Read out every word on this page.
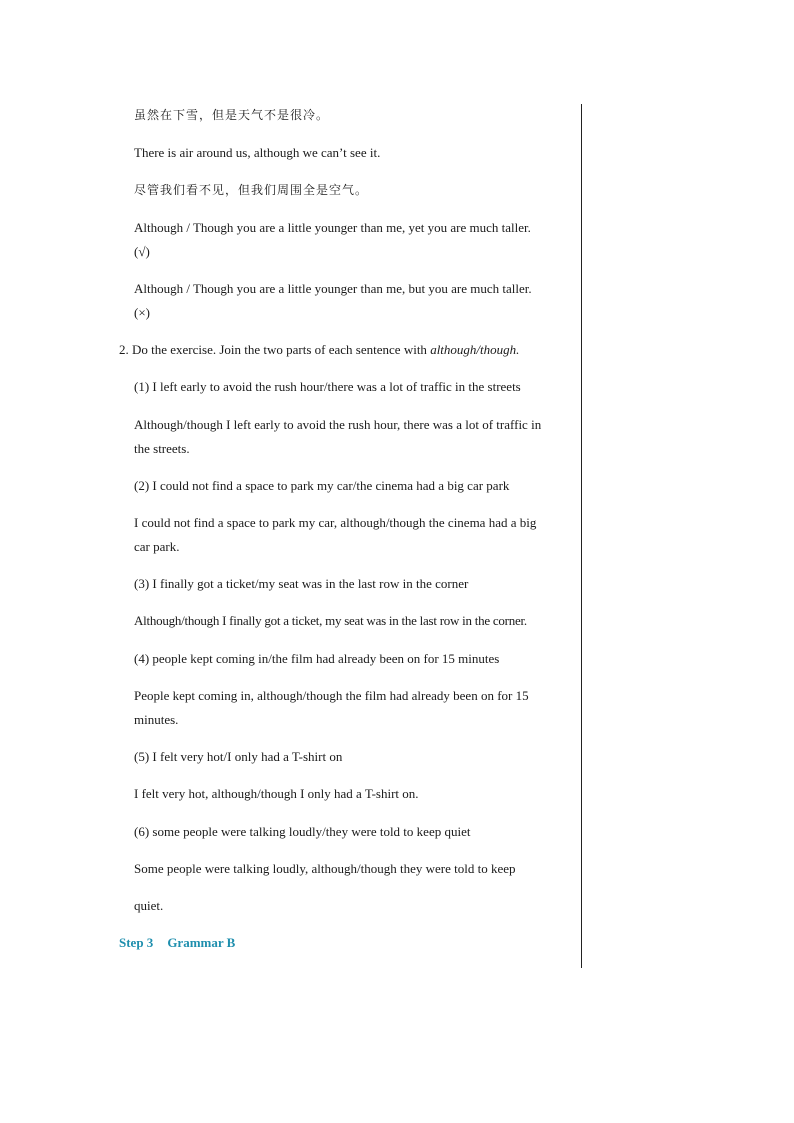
虽然在下雪，但是天气不是很冷。
There is air around us, although we can’t see it.
尽管我们看不见，但我们周围全是空气。
Although / Though you are a little younger than me, yet you are much taller.
(√)
Although / Though you are a little younger than me, but you are much taller.
(×)
2. Do the exercise. Join the two parts of each sentence with although/though.
(1) I left early to avoid the rush hour/there was a lot of traffic in the streets
Although/though I left early to avoid the rush hour, there was a lot of traffic in
the streets.
(2) I could not find a space to park my car/the cinema had a big car park
I could not find a space to park my car, although/though the cinema had a big
car park.
(3) I finally got a ticket/my seat was in the last row in the corner
Although/though I finally got a ticket, my seat was in the last row in the corner.
(4) people kept coming in/the film had already been on for 15 minutes
People kept coming in, although/though the film had already been on for 15
minutes.
(5) I felt very hot/I only had a T-shirt on
I felt very hot, although/though I only had a T-shirt on.
(6) some people were talking loudly/they were told to keep quiet
Some people were talking loudly, although/though they were told to keep
quiet.
Step 3 Grammar B
